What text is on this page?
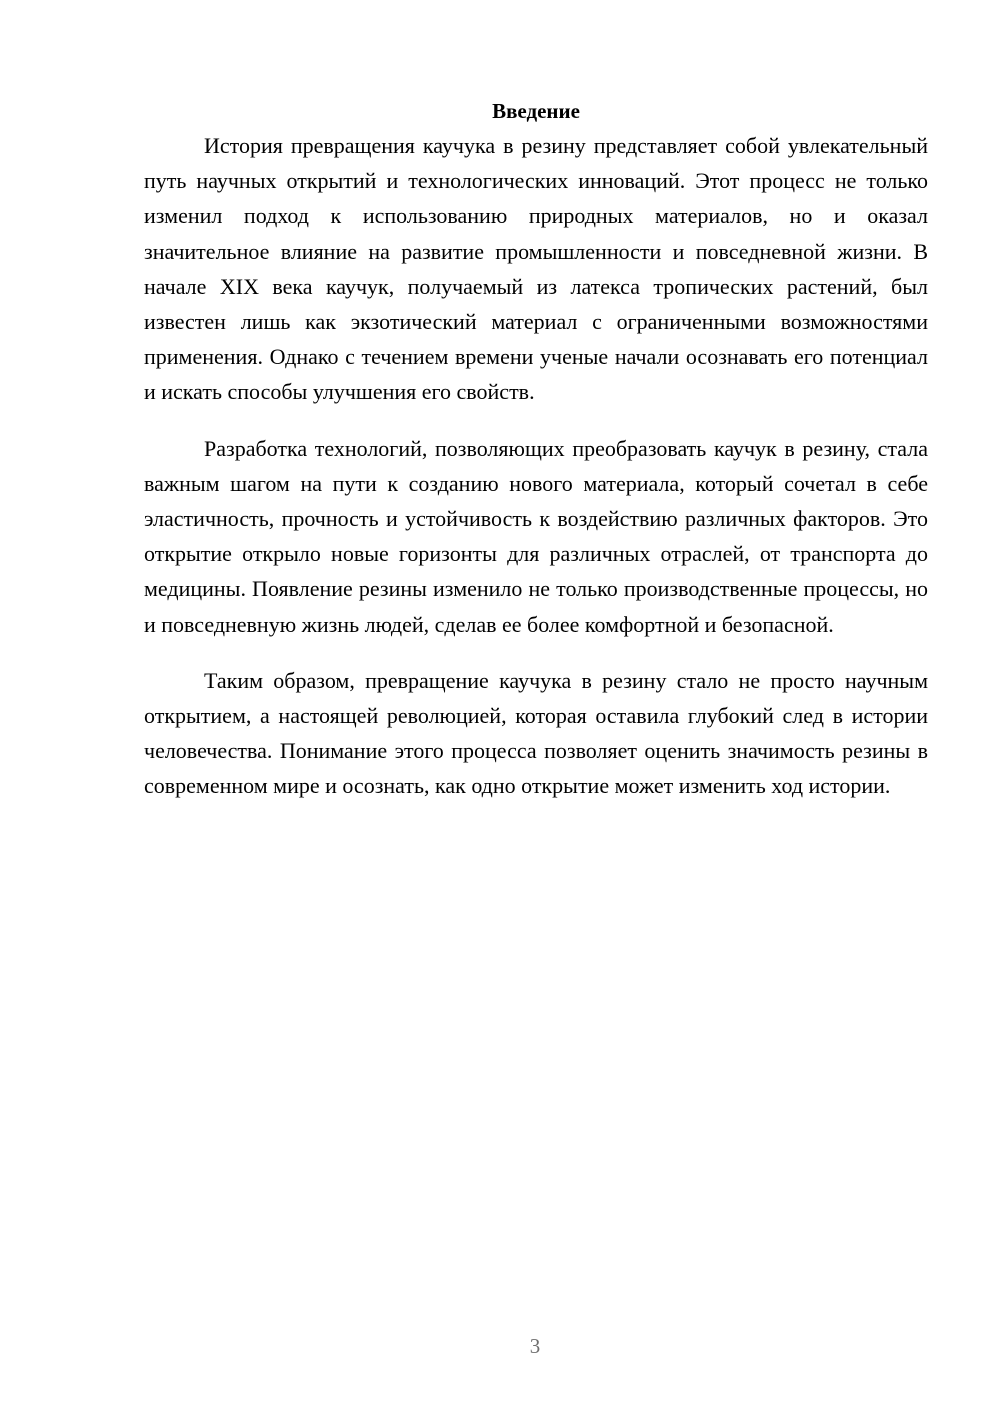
Введение

История превращения каучука в резину представляет собой увлекательный путь научных открытий и технологических инноваций. Этот процесс не только изменил подход к использованию природных материалов, но и оказал значительное влияние на развитие промышленности и повседневной жизни. В начале XIX века каучук, получаемый из латекса тропических растений, был известен лишь как экзотический материал с ограниченными возможностями применения. Однако с течением времени ученые начали осознавать его потенциал и искать способы улучшения его свойств.

Разработка технологий, позволяющих преобразовать каучук в резину, стала важным шагом на пути к созданию нового материала, который сочетал в себе эластичность, прочность и устойчивость к воздействию различных факторов. Это открытие открыло новые горизонты для различных отраслей, от транспорта до медицины. Появление резины изменило не только производственные процессы, но и повседневную жизнь людей, сделав ее более комфортной и безопасной.

Таким образом, превращение каучука в резину стало не просто научным открытием, а настоящей революцией, которая оставила глубокий след в истории человечества. Понимание этого процесса позволяет оценить значимость резины в современном мире и осознать, как одно открытие может изменить ход истории.

3
